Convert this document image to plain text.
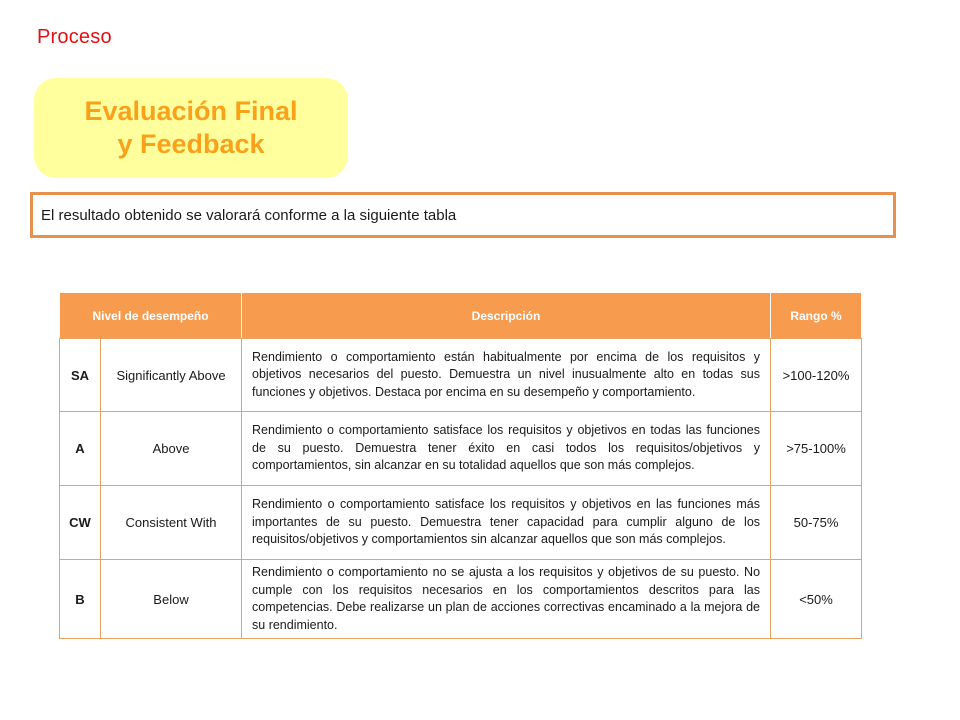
Proceso
Evaluación Final
y Feedback
El resultado obtenido se valorará conforme a la siguiente tabla
Nivel de desempeño		Descripción	Rango %
SA	Significantly Above	Rendimiento o comportamiento están habitualmente por encima de los requisitos y objetivos necesarios del puesto. Demuestra un nivel inusualmente alto en todas sus funciones y objetivos. Destaca por encima en su desempeño y comportamiento.	>100-120%
A	Above	Rendimiento o comportamiento satisface los requisitos y objetivos en todas las funciones de su puesto. Demuestra tener éxito en casi todos los requisitos/objetivos y comportamientos, sin alcanzar en su totalidad aquellos que son más complejos.	>75-100%
CW	Consistent With	Rendimiento o comportamiento satisface los requisitos y objetivos en las funciones más importantes de su puesto. Demuestra tener capacidad para cumplir alguno de los requisitos/objetivos y comportamientos sin alcanzar aquellos que son más complejos.	50-75%
B	Below	Rendimiento o comportamiento no se ajusta a los requisitos y objetivos de su puesto. No cumple con los requisitos necesarios en los comportamientos descritos para las competencias. Debe realizarse un plan de acciones correctivas encaminado a la mejora de su rendimiento.	<50%
